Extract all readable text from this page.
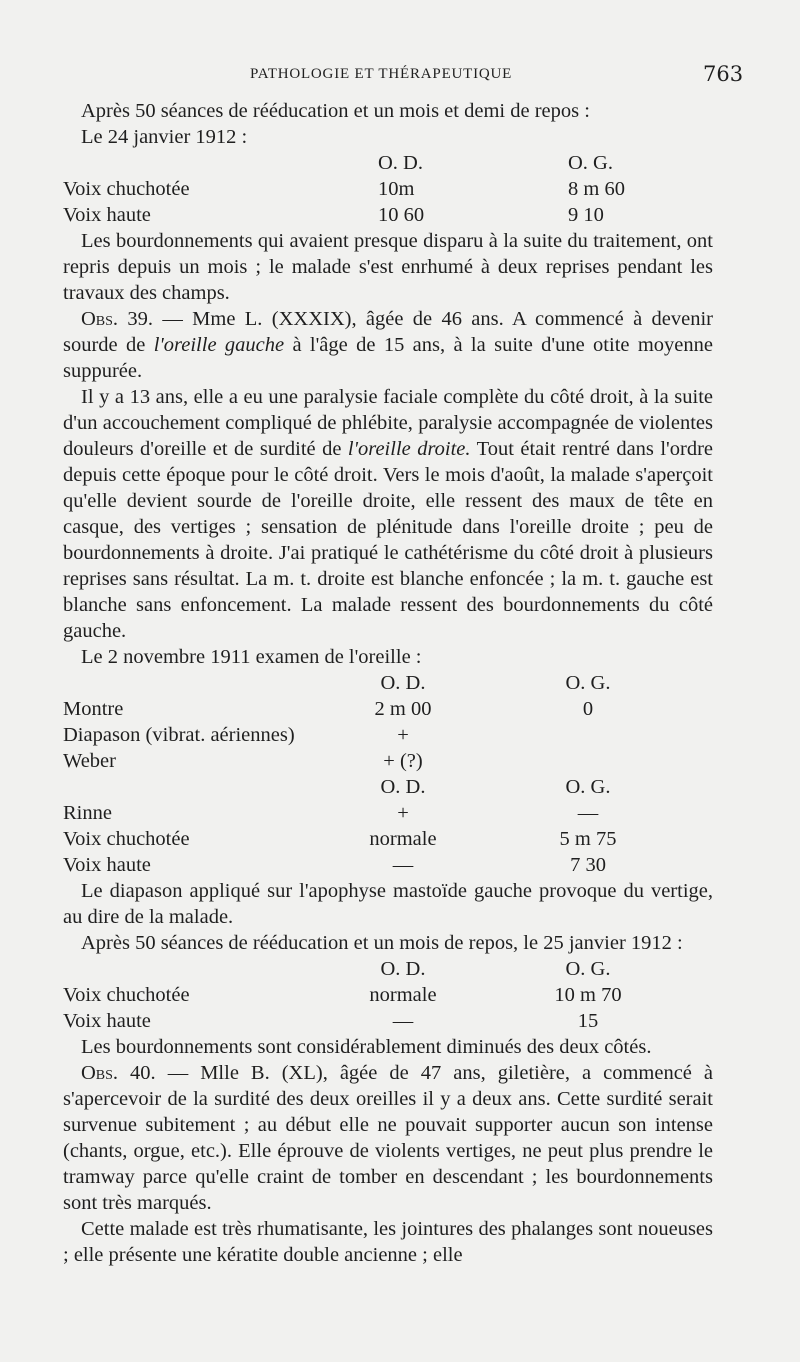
PATHOLOGIE ET THÉRAPEUTIQUE	763

Après 50 séances de rééducation et un mois et demi de repos :

Le 24 janvier 1912 :

O. D.	O. G.
Voix chuchotée	10m	8 m 60
Voix haute	10 60	9 10

Les bourdonnements qui avaient presque disparu à la suite du traitement, ont repris depuis un mois ; le malade s'est enrhumé à deux reprises pendant les travaux des champs.

Obs. 39. — Mme L. (XXXIX), âgée de 46 ans. A commencé à devenir sourde de l'oreille gauche à l'âge de 15 ans, à la suite d'une otite moyenne suppurée.

Il y a 13 ans, elle a eu une paralysie faciale complète du côté droit, à la suite d'un accouchement compliqué de phlébite, paralysie accompagnée de violentes douleurs d'oreille et de surdité de l'oreille droite. Tout était rentré dans l'ordre depuis cette époque pour le côté droit. Vers le mois d'août, la malade s'aperçoit qu'elle devient sourde de l'oreille droite, elle ressent des maux de tête en casque, des vertiges ; sensation de plénitude dans l'oreille droite ; peu de bourdonnements à droite. J'ai pratiqué le cathétérisme du côté droit à plusieurs reprises sans résultat. La m. t. droite est blanche enfoncée ; la m. t. gauche est blanche sans enfoncement. La malade ressent des bourdonnements du côté gauche.

Le 2 novembre 1911 examen de l'oreille :

O. D.	O. G.
Montre	2 m 00	0
Diapason (vibrat. aériennes)	+
Weber	+ (?)
O. D.	O. G.
Rinne	+	—
Voix chuchotée	normale	5 m 75
Voix haute	—	7 30

Le diapason appliqué sur l'apophyse mastoïde gauche provoque du vertige, au dire de la malade.

Après 50 séances de rééducation et un mois de repos, le 25 janvier 1912 :

O. D.	O. G.
Voix chuchotée	normale	10 m 70
Voix haute	—	15

Les bourdonnements sont considérablement diminués des deux côtés.

Obs. 40. — Mlle B. (XL), âgée de 47 ans, giletière, a commencé à s'apercevoir de la surdité des deux oreilles il y a deux ans. Cette surdité serait survenue subitement ; au début elle ne pouvait supporter aucun son intense (chants, orgue, etc.). Elle éprouve de violents vertiges, ne peut plus prendre le tramway parce qu'elle craint de tomber en descendant ; les bourdonnements sont très marqués.

Cette malade est très rhumatisante, les jointures des phalanges sont noueuses ; elle présente une kératite double ancienne ; elle
